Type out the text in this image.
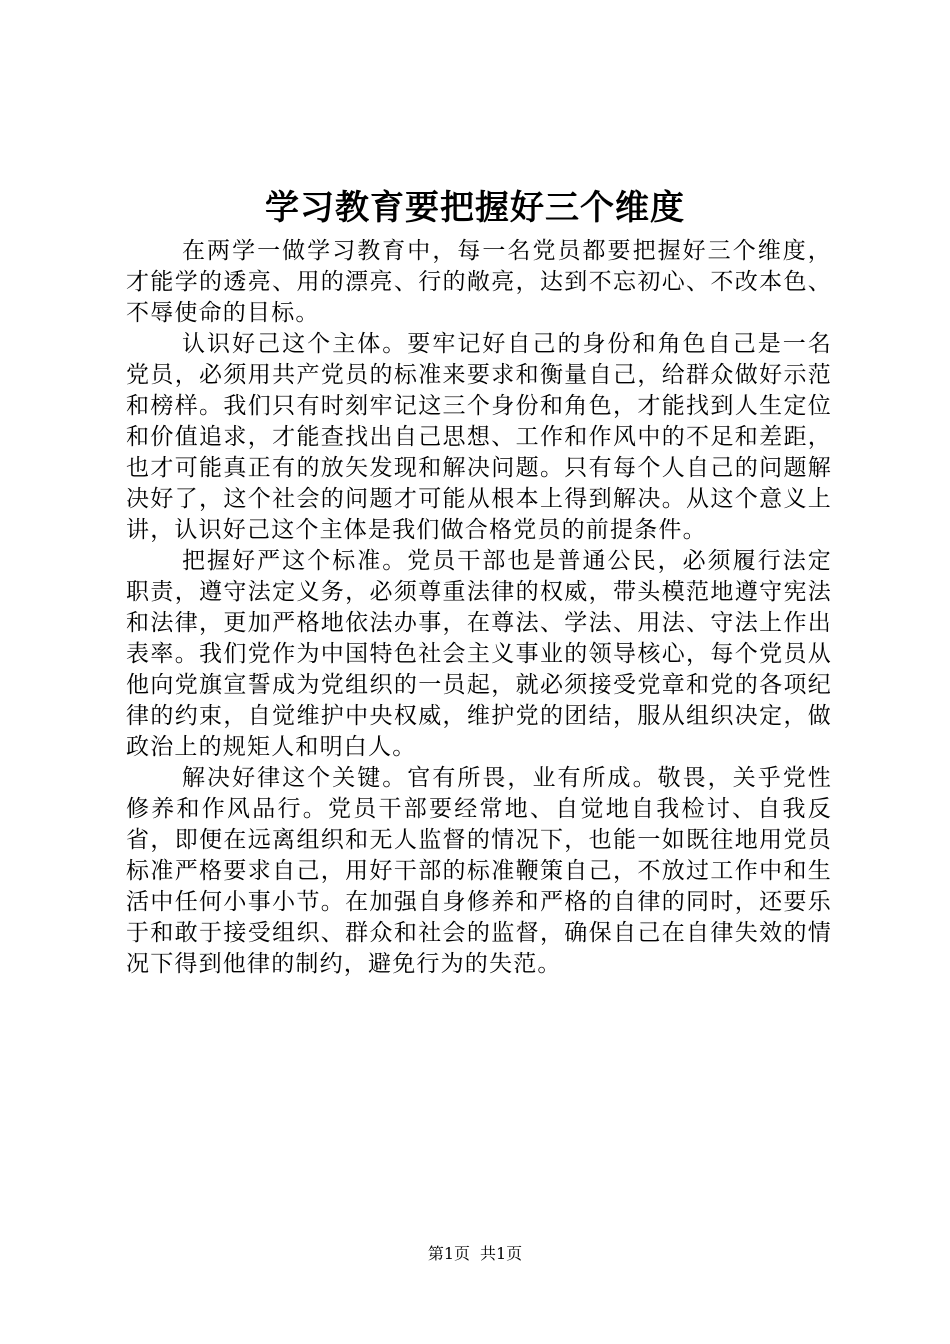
学习教育要把握好三个维度

在两学一做学习教育中，每一名党员都要把握好三个维度，才能学的透亮、用的漂亮、行的敞亮，达到不忘初心、不改本色、不辱使命的目标。

认识好己这个主体。要牢记好自己的身份和角色自己是一名党员，必须用共产党员的标准来要求和衡量自己，给群众做好示范和榜样。我们只有时刻牢记这三个身份和角色，才能找到人生定位和价值追求，才能查找出自己思想、工作和作风中的不足和差距，也才可能真正有的放矢发现和解决问题。只有每个人自己的问题解决好了，这个社会的问题才可能从根本上得到解决。从这个意义上讲，认识好己这个主体是我们做合格党员的前提条件。

把握好严这个标准。党员干部也是普通公民，必须履行法定职责，遵守法定义务，必须尊重法律的权威，带头模范地遵守宪法和法律，更加严格地依法办事，在尊法、学法、用法、守法上作出表率。我们党作为中国特色社会主义事业的领导核心，每个党员从他向党旗宣誓成为党组织的一员起，就必须接受党章和党的各项纪律的约束，自觉维护中央权威，维护党的团结，服从组织决定，做政治上的规矩人和明白人。

解决好律这个关键。官有所畏，业有所成。敬畏，关乎党性修养和作风品行。党员干部要经常地、自觉地自我检讨、自我反省，即便在远离组织和无人监督的情况下，也能一如既往地用党员标准严格要求自己，用好干部的标准鞭策自己，不放过工作中和生活中任何小事小节。在加强自身修养和严格的自律的同时，还要乐于和敢于接受组织、群众和社会的监督，确保自己在自律失效的情况下得到他律的制约，避免行为的失范。

第1页 共1页
